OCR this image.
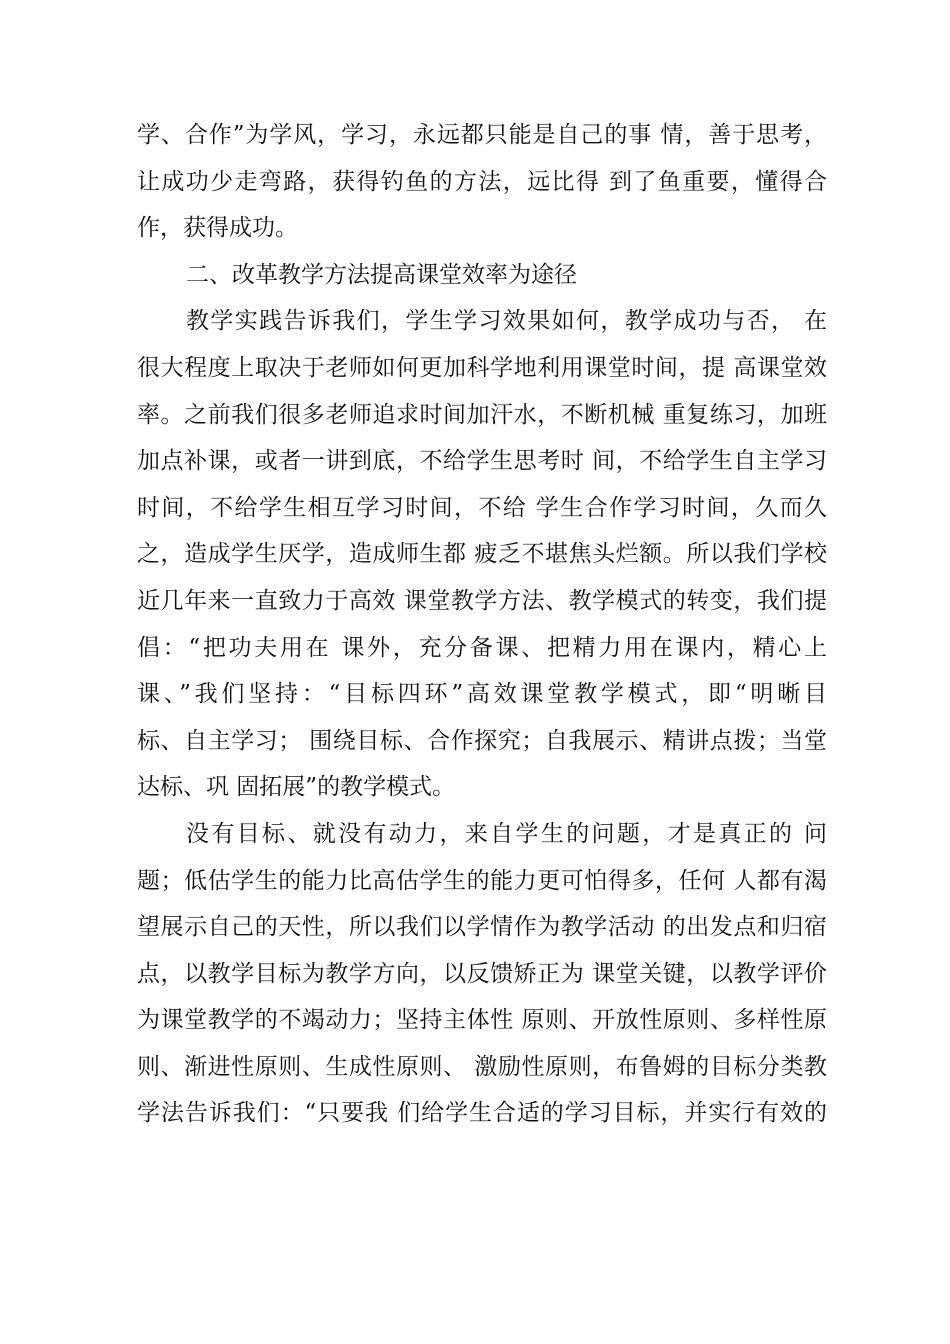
学、合作”为学风，学习，永远都只能是自己的事 情，善于思考，
让成功少走弯路，获得钓鱼的方法，远比得 到了鱼重要，懂得合
作，获得成功。
二、改革教学方法提高课堂效率为途径
教学实践告诉我们，学生学习效果如何，教学成功与否， 在
很大程度上取决于老师如何更加科学地利用课堂时间，提 高课堂效
率。之前我们很多老师追求时间加汗水，不断机械 重复练习，加班
加点补课，或者一讲到底，不给学生思考时 间，不给学生自主学习
时间，不给学生相互学习时间，不给 学生合作学习时间，久而久
之，造成学生厌学，造成师生都 疲乏不堪焦头烂额。所以我们学校
近几年来一直致力于高效 课堂教学方法、教学模式的转变，我们提
倡：“把功夫用在 课外，充分备课、把精力用在课内，精心上
课、”我们坚持：“目标四环”高效课堂教学模式，即“明晰目
标、自主学习； 围绕目标、合作探究；自我展示、精讲点拨；当堂
达标、巩 固拓展”的教学模式。
没有目标、就没有动力，来自学生的问题，才是真正的 问
题；低估学生的能力比高估学生的能力更可怕得多，任何 人都有渴
望展示自己的天性，所以我们以学情作为教学活动 的出发点和归宿
点，以教学目标为教学方向，以反馈矫正为 课堂关键，以教学评价
为课堂教学的不竭动力；坚持主体性 原则、开放性原则、多样性原
则、渐进性原则、生成性原则、 激励性原则，布鲁姆的目标分类教
学法告诉我们：“只要我 们给学生合适的学习目标，并实行有效的
